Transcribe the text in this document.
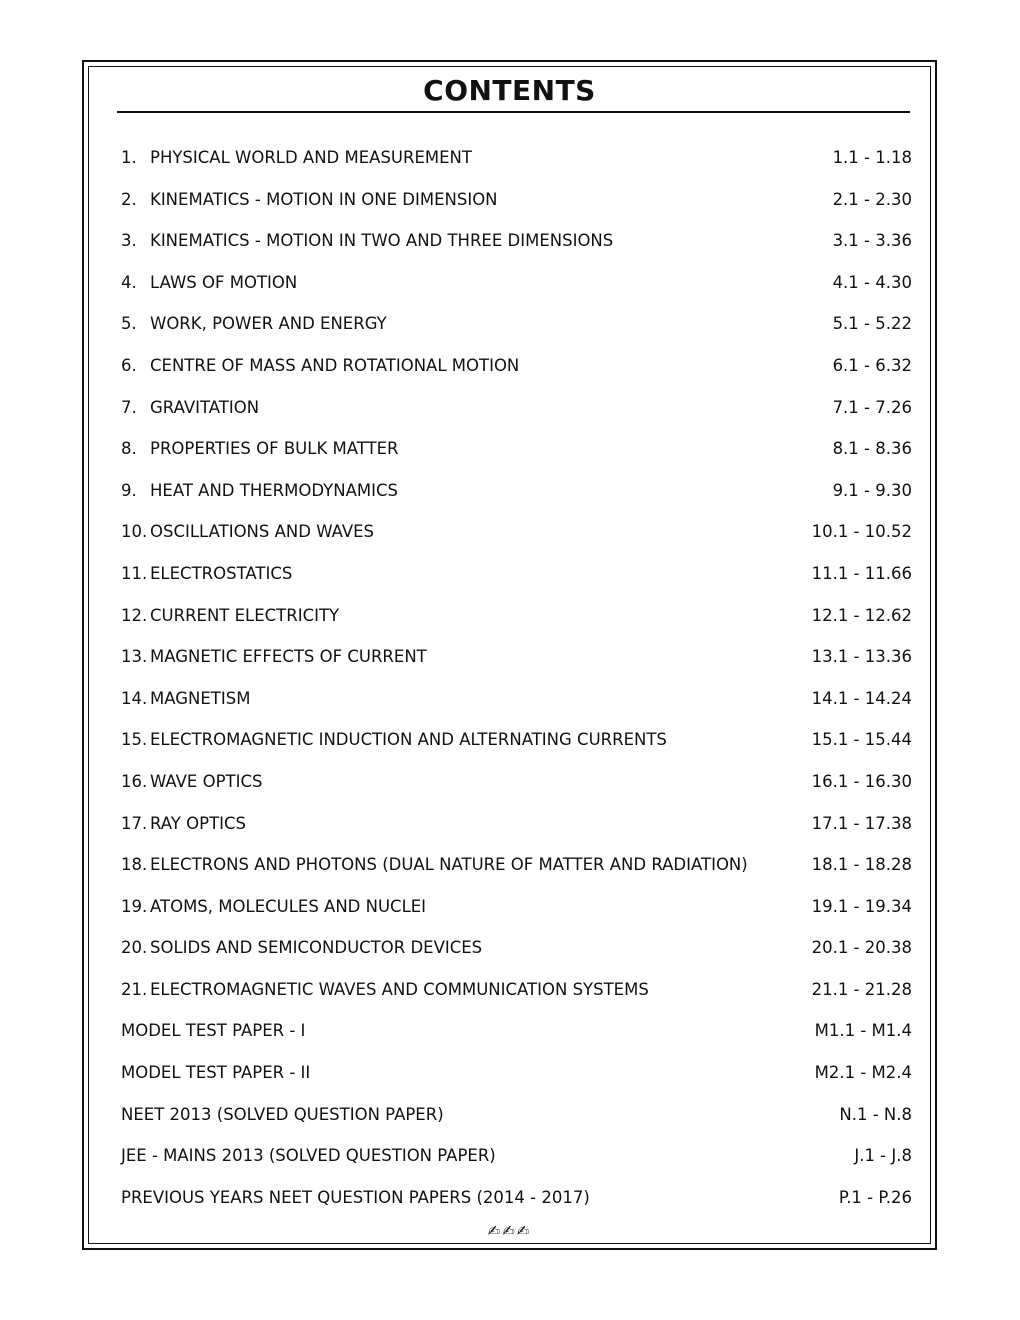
CONTENTS
1. PHYSICAL WORLD AND MEASUREMENT	1.1 - 1.18
2. KINEMATICS - MOTION IN ONE DIMENSION	2.1 - 2.30
3. KINEMATICS - MOTION IN TWO AND THREE DIMENSIONS	3.1 - 3.36
4. LAWS OF MOTION	4.1 - 4.30
5. WORK, POWER AND ENERGY	5.1 - 5.22
6. CENTRE OF MASS AND ROTATIONAL MOTION	6.1 - 6.32
7. GRAVITATION	7.1 - 7.26
8. PROPERTIES OF BULK MATTER	8.1 - 8.36
9. HEAT AND THERMODYNAMICS	9.1 - 9.30
10. OSCILLATIONS AND WAVES	10.1 - 10.52
11. ELECTROSTATICS	11.1 - 11.66
12. CURRENT ELECTRICITY	12.1 - 12.62
13. MAGNETIC EFFECTS OF CURRENT	13.1 - 13.36
14. MAGNETISM	14.1 - 14.24
15. ELECTROMAGNETIC INDUCTION AND ALTERNATING CURRENTS	15.1 - 15.44
16. WAVE OPTICS	16.1 - 16.30
17. RAY OPTICS	17.1 - 17.38
18. ELECTRONS AND PHOTONS (DUAL NATURE OF MATTER AND RADIATION)	18.1 - 18.28
19. ATOMS, MOLECULES AND NUCLEI	19.1 - 19.34
20. SOLIDS AND SEMICONDUCTOR DEVICES	20.1 - 20.38
21. ELECTROMAGNETIC WAVES AND COMMUNICATION SYSTEMS	21.1 - 21.28
MODEL TEST PAPER - I	M1.1 - M1.4
MODEL TEST PAPER - II	M2.1 - M2.4
NEET 2013 (SOLVED QUESTION PAPER)	N.1 - N.8
JEE - MAINS 2013 (SOLVED QUESTION PAPER)	J.1 - J.8
PREVIOUS YEARS NEET QUESTION PAPERS (2014 - 2017)	P.1 - P.26
✍✍✍
